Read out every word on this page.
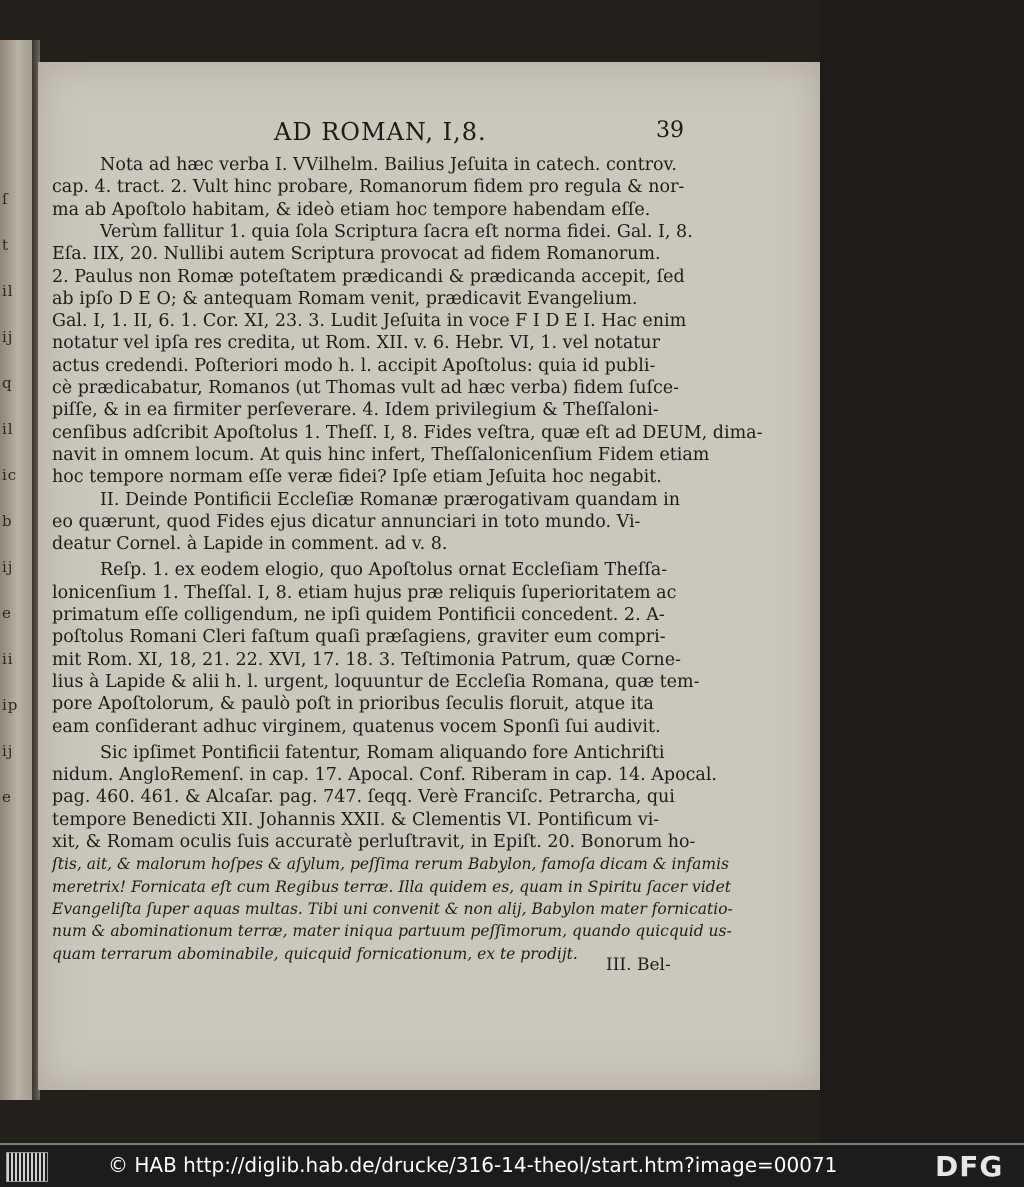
ſ
t
il
ij
q
il
ic
b
ij
e
ii
ip
ij
e
AD ROMAN, I,8.	39
Nota ad hæc verba I. VVilhelm. Bailius Jeſuita in catech. controv.
cap. 4. tract. 2. Vult hinc probare, Romanorum fidem pro regula & nor-
ma ab Apoſtolo habitam, & ideò etiam hoc tempore habendam eſſe.
Verùm fallitur 1. quia ſola Scriptura ſacra eſt norma fidei. Gal. I, 8.
Eſa. IIX, 20. Nullibi autem Scriptura provocat ad fidem Romanorum.
2. Paulus non Romæ poteſtatem prædicandi & prædicanda accepit, ſed
ab ipſo D E O; & antequam Romam venit, prædicavit Evangelium.
Gal. I, 1. II, 6. 1. Cor. XI, 23. 3. Ludit Jeſuita in voce F I D E I. Hac enim
notatur vel ipſa res credita, ut Rom. XII. v. 6. Hebr. VI, 1. vel notatur
actus credendi. Poſteriori modo h. l. accipit Apoſtolus: quia id publi-
cè prædicabatur, Romanos (ut Thomas vult ad hæc verba) fidem ſuſce-
piſſe, & in ea firmiter perſeverare. 4. Idem privilegium & Theſſaloni-
cenſibus adſcribit Apoſtolus 1. Theſſ. I, 8. Fides veſtra, quæ eſt ad DEUM, dima-
navit in omnem locum. At quis hinc infert, Theſſalonicenſium Fidem etiam
hoc tempore normam eſſe veræ fidei? Ipſe etiam Jeſuita hoc negabit.
II. Deinde Pontificii Eccleſiæ Romanæ prærogativam quandam in
eo quærunt, quod Fides ejus dicatur annunciari in toto mundo. Vi-
deatur Cornel. à Lapide in comment. ad v. 8.
Reſp. 1. ex eodem elogio, quo Apoſtolus ornat Eccleſiam Theſſa-
lonicenſium 1. Theſſal. I, 8. etiam hujus præ reliquis ſuperioritatem ac
primatum eſſe colligendum, ne ipſi quidem Pontificii concedent. 2. A-
poſtolus Romani Cleri faſtum quaſi præſagiens, graviter eum compri-
mit Rom. XI, 18, 21. 22. XVI, 17. 18. 3. Teſtimonia Patrum, quæ Corne-
lius à Lapide & alii h. l. urgent, loquuntur de Eccleſia Romana, quæ tem-
pore Apoſtolorum, & paulò poſt in prioribus ſeculis floruit, atque ita
eam conſiderant adhuc virginem, quatenus vocem Sponſi ſui audivit.
Sic ipſimet Pontificii fatentur, Romam aliquando fore Antichriſti
nidum. AngloRemenſ. in cap. 17. Apocal. Conf. Riberam in cap. 14. Apocal.
pag. 460. 461. & Alcaſar. pag. 747. ſeqq. Verè Franciſc. Petrarcha, qui
tempore Benedicti XII. Johannis XXII. & Clementis VI. Pontificum vi-
xit, & Romam oculis ſuis accuratè perluſtravit, in Epiſt. 20. Bonorum ho-
ſtis, ait, & malorum hoſpes & aſylum, peſſima rerum Babylon, famoſa dicam & infamis
meretrix! Fornicata eſt cum Regibus terræ. Illa quidem es, quam in Spiritu ſacer videt
Evangeliſta ſuper aquas multas. Tibi uni convenit & non alij, Babylon mater fornicatio-
num & abominationum terræ, mater iniqua partuum peſſimorum, quando quicquid us-
quam terrarum abominabile, quicquid fornicationum, ex te prodijt.
III. Bel-
© HAB http://diglib.hab.de/drucke/316-14-theol/start.htm?image=00071	DFG
